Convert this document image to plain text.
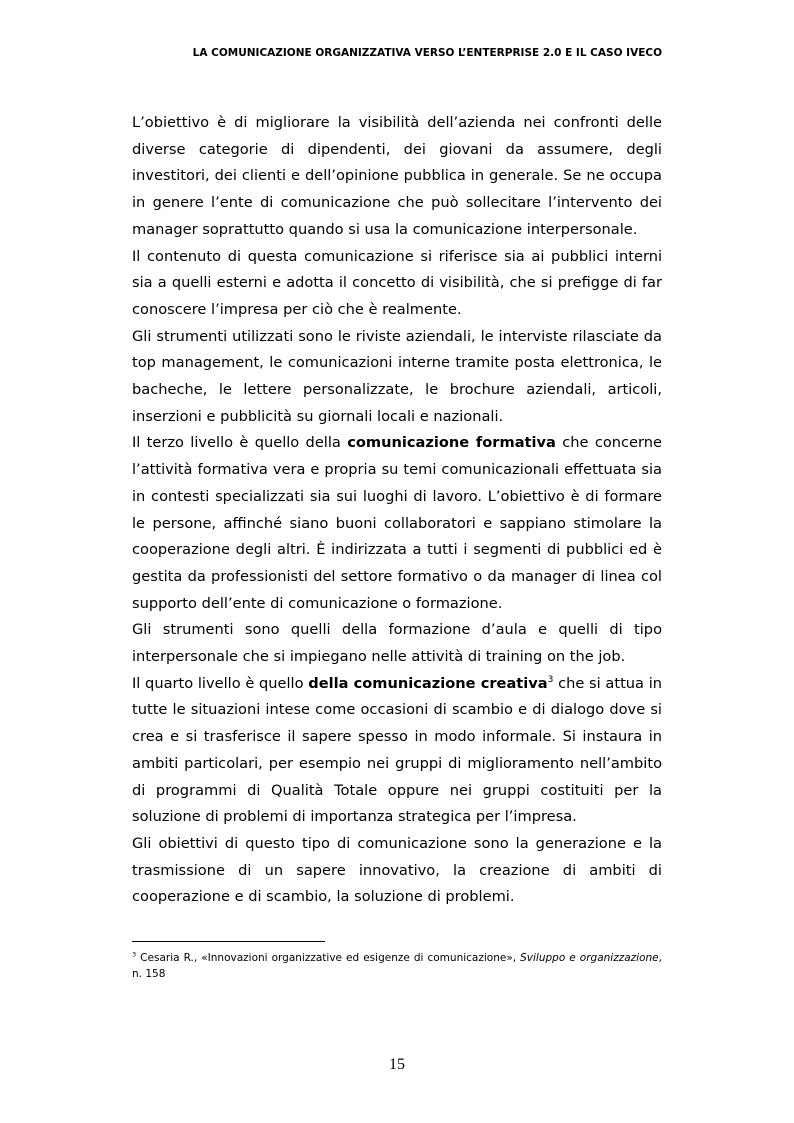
LA COMUNICAZIONE ORGANIZZATIVA VERSO L’ENTERPRISE 2.0 E IL CASO IVECO

L’obiettivo è di migliorare la visibilità dell’azienda nei confronti delle diverse categorie di dipendenti, dei giovani da assumere, degli investitori, dei clienti e dell’opinione pubblica in generale. Se ne occupa in genere l’ente di comunicazione che può sollecitare l’intervento dei manager soprattutto quando si usa la comunicazione interpersonale.

Il contenuto di questa comunicazione si riferisce sia ai pubblici interni sia a quelli esterni e adotta il concetto di visibilità, che si prefigge di far conoscere l’impresa per ciò che è realmente.

Gli strumenti utilizzati sono le riviste aziendali, le interviste rilasciate da top management, le comunicazioni interne tramite posta elettronica, le bacheche, le lettere personalizzate, le brochure aziendali, articoli, inserzioni e pubblicità su giornali locali e nazionali.

Il terzo livello è quello della comunicazione formativa che concerne l’attività formativa vera e propria su temi comunicazionali effettuata sia in contesti specializzati sia sui luoghi di lavoro. L’obiettivo è di formare le persone, affinché siano buoni collaboratori e sappiano stimolare la cooperazione degli altri. È indirizzata a tutti i segmenti di pubblici ed è gestita da professionisti del settore formativo o da manager di linea col supporto dell’ente di comunicazione o formazione.

Gli strumenti sono quelli della formazione d’aula e quelli di tipo interpersonale che si impiegano nelle attività di training on the job.

Il quarto livello è quello della comunicazione creativa$^3$ che si attua in tutte le situazioni intese come occasioni di scambio e di dialogo dove si crea e si trasferisce il sapere spesso in modo informale. Si instaura in ambiti particolari, per esempio nei gruppi di miglioramento nell’ambito di programmi di Qualità Totale oppure nei gruppi costituiti per la soluzione di problemi di importanza strategica per l’impresa.

Gli obiettivi di questo tipo di comunicazione sono la generazione e la trasmissione di un sapere innovativo, la creazione di ambiti di cooperazione e di scambio, la soluzione di problemi.

$^3$ Cesaria R., «Innovazioni organizzative ed esigenze di comunicazione», Sviluppo e organizzazione, n. 158
15
